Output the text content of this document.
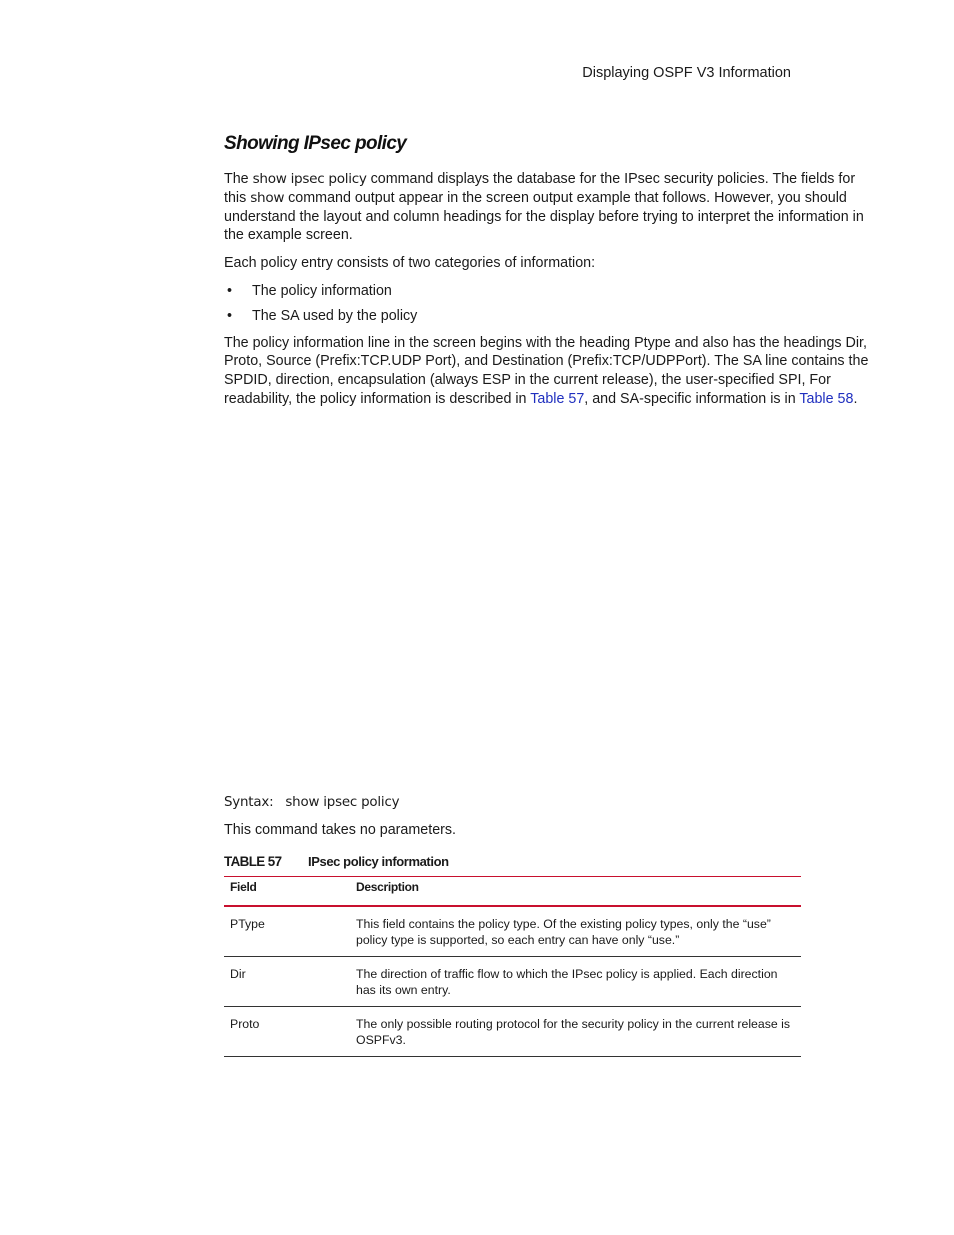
Displaying OSPF V3 Information
Showing IPsec policy

The show ipsec policy command displays the database for the IPsec security policies. The fields for this show command output appear in the screen output example that follows. However, you should understand the layout and column headings for the display before trying to interpret the information in the example screen.

Each policy entry consists of two categories of information:

• The policy information
• The SA used by the policy

The policy information line in the screen begins with the heading Ptype and also has the headings Dir, Proto, Source (Prefix:TCP.UDP Port), and Destination (Prefix:TCP/UDPPort). The SA line contains the SPDID, direction, encapsulation (always ESP in the current release), the user-specified SPI, For readability, the policy information is described in Table 57, and SA-specific information is in Table 58.

Syntax: show ipsec policy
This command takes no parameters.
TABLE 57 IPsec policy information
Field	Description
PType	This field contains the policy type. Of the existing policy types, only the “use” policy type is supported, so each entry can have only “use.”
Dir	The direction of traffic flow to which the IPsec policy is applied. Each direction has its own entry.
Proto	The only possible routing protocol for the security policy in the current release is OSPFv3.
